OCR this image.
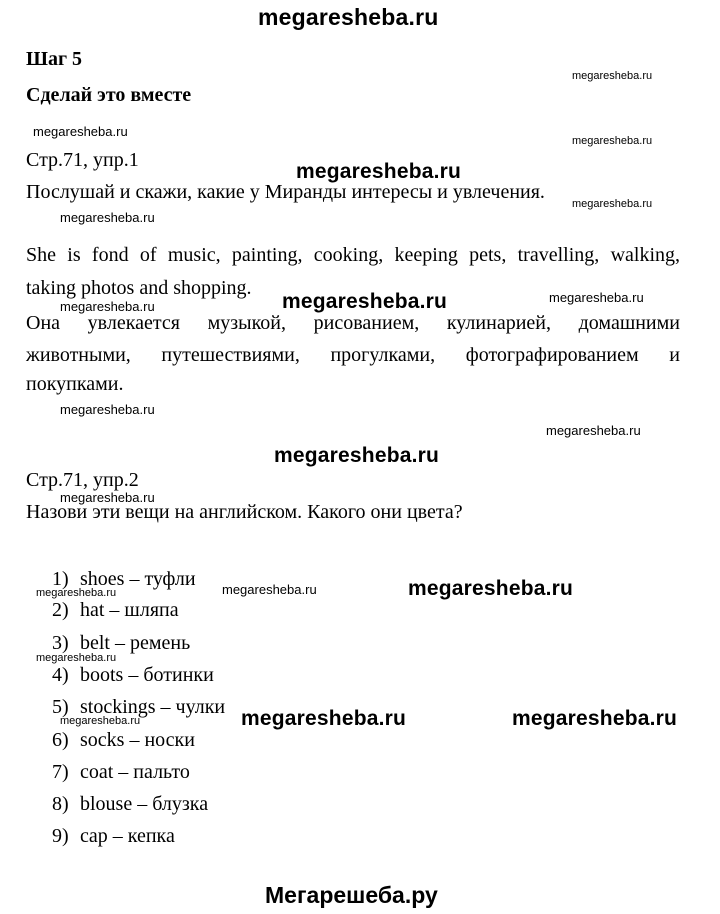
megaresheba.ru
Шаг 5
megaresheba.ru
Сделай это вместе
megaresheba.ru
megaresheba.ru
Стр.71, упр.1	megaresheba.ru
Послушай и скажи, какие у Миранды интересы и увлечения.
megaresheba.ru
megaresheba.ru
She is fond of music, painting, cooking, keeping pets, travelling, walking,
taking photos and shopping.
megaresheba.ru	megaresheba.ru	megaresheba.ru
Она увлекается музыкой, рисованием, кулинарией, домашними
животными, путешествиями, прогулками, фотографированием и
покупками.
megaresheba.ru
megaresheba.ru
megaresheba.ru
Стр.71, упр.2
megaresheba.ru
Назови эти вещи на английском. Какого они цвета?
1) shoes – туфли
megaresheba.ru	megaresheba.ru	megaresheba.ru
2) hat – шляпа
3) belt – ремень
megaresheba.ru
4) boots – ботинки
5) stockings – чулки
megaresheba.ru	megaresheba.ru	megaresheba.ru
6) socks – носки
7) coat – пальто
8) blouse – блузка
9) cap – кепка
Мегарешеба.ру
